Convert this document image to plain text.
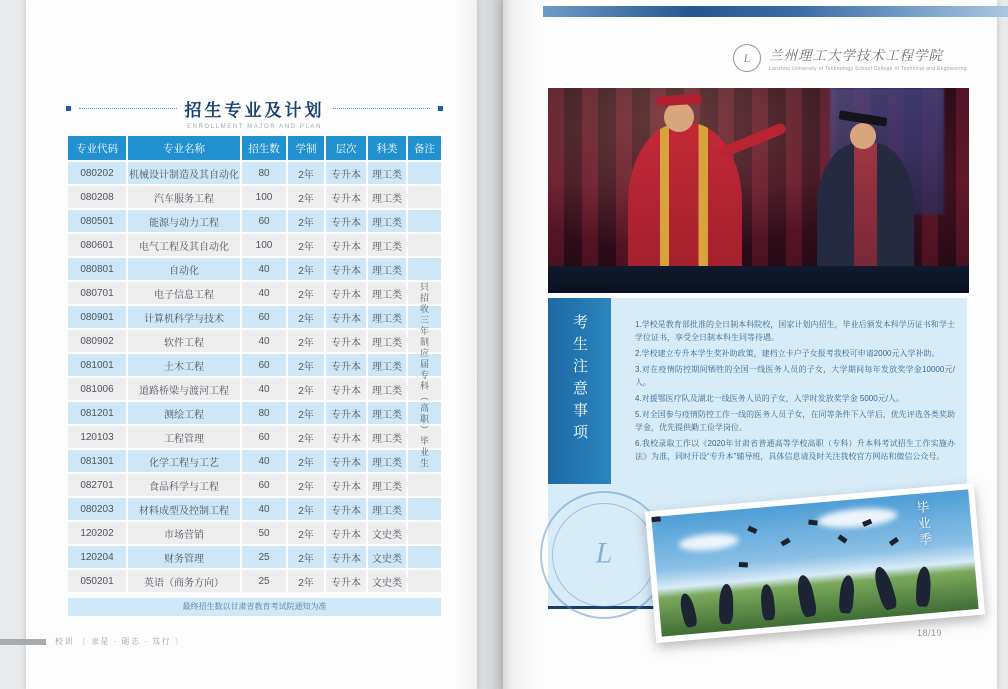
招生专业及计划
ENROLLMENT MAJOR AND PLAN
专业代码	专业名称	招生数	学制	层次	科类	备注
080202	机械设计制造及其自动化	80	2年	专升本	理工类	只招收三年制应届专科（高职）毕业生
080208	汽车服务工程	100	2年	专升本	理工类	
080501	能源与动力工程	60	2年	专升本	理工类	
080601	电气工程及其自动化	100	2年	专升本	理工类	
080801	自动化	40	2年	专升本	理工类	
080701	电子信息工程	40	2年	专升本	理工类	
080901	计算机科学与技术	60	2年	专升本	理工类	
080902	软件工程	40	2年	专升本	理工类	
081001	土木工程	60	2年	专升本	理工类	
081006	道路桥梁与渡河工程	40	2年	专升本	理工类	
081201	测绘工程	80	2年	专升本	理工类	
120103	工程管理	60	2年	专升本	理工类	
081301	化学工程与工艺	40	2年	专升本	理工类	
082701	食品科学与工程	60	2年	专升本	理工类	
080203	材料成型及控制工程	40	2年	专升本	理工类	
120202	市场营销	50	2年	专升本	文史类	
120204	财务管理	25	2年	专升本	文史类	
050201	英语（商务方向）	25	2年	专升本	文史类	
最终招生数以甘肃省教育考试院通知为准
L	兰州理工大学技术工程学院
Lanzhou University of Technology School College of Technical and Engineering
考生注意事项	1.学校是教育部批准的全日制本科院校，国家计划内招生，毕业后颁发本科学历证书和学士学位证书，享受全日制本科生同等待遇。

2.学校建立专升本学生奖补助政策，建档立卡户子女报考我校可申请2000元入学补助。

3.对在疫情防控期间牺牲的全国一线医务人员的子女，大学期间每年发放奖学金10000元/人。

4.对援鄂医疗队及湖北一线医务人员的子女，入学时发放奖学金 5000元/人。

5.对全国参与疫情防控工作一线的医务人员子女，在同等条件下入学后，优先评选各类奖助学金，优先提供勤工俭学岗位。

6.我校录取工作以《2020年甘肃省普通高等学校高职（专科）升本科考试招生工作实施办法》为准，同时开设“专升本”辅导班，具体信息请及时关注我校官方网站和微信公众号。

L
毕业季
18/19
校训 〔 求是 · 砺志 · 笃行 〕
